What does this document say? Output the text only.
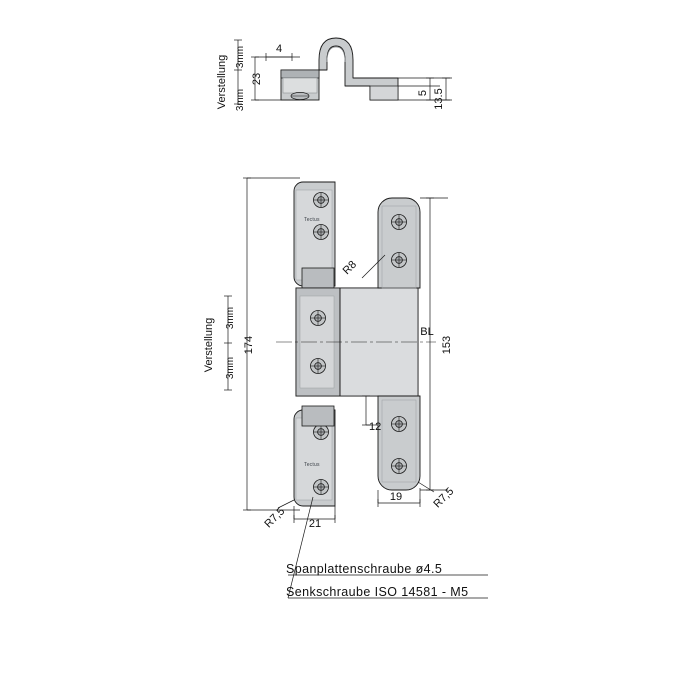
Verstellung 3mm
3mm
23
4
5 13.5
Verstellung 3mm
3mm
174
Tectus
Tectus
R8
BL
153
12
21
19
R7,5
R7,5
Spanplattenschraube ø4.5
Senkschraube ISO 14581 - M5
